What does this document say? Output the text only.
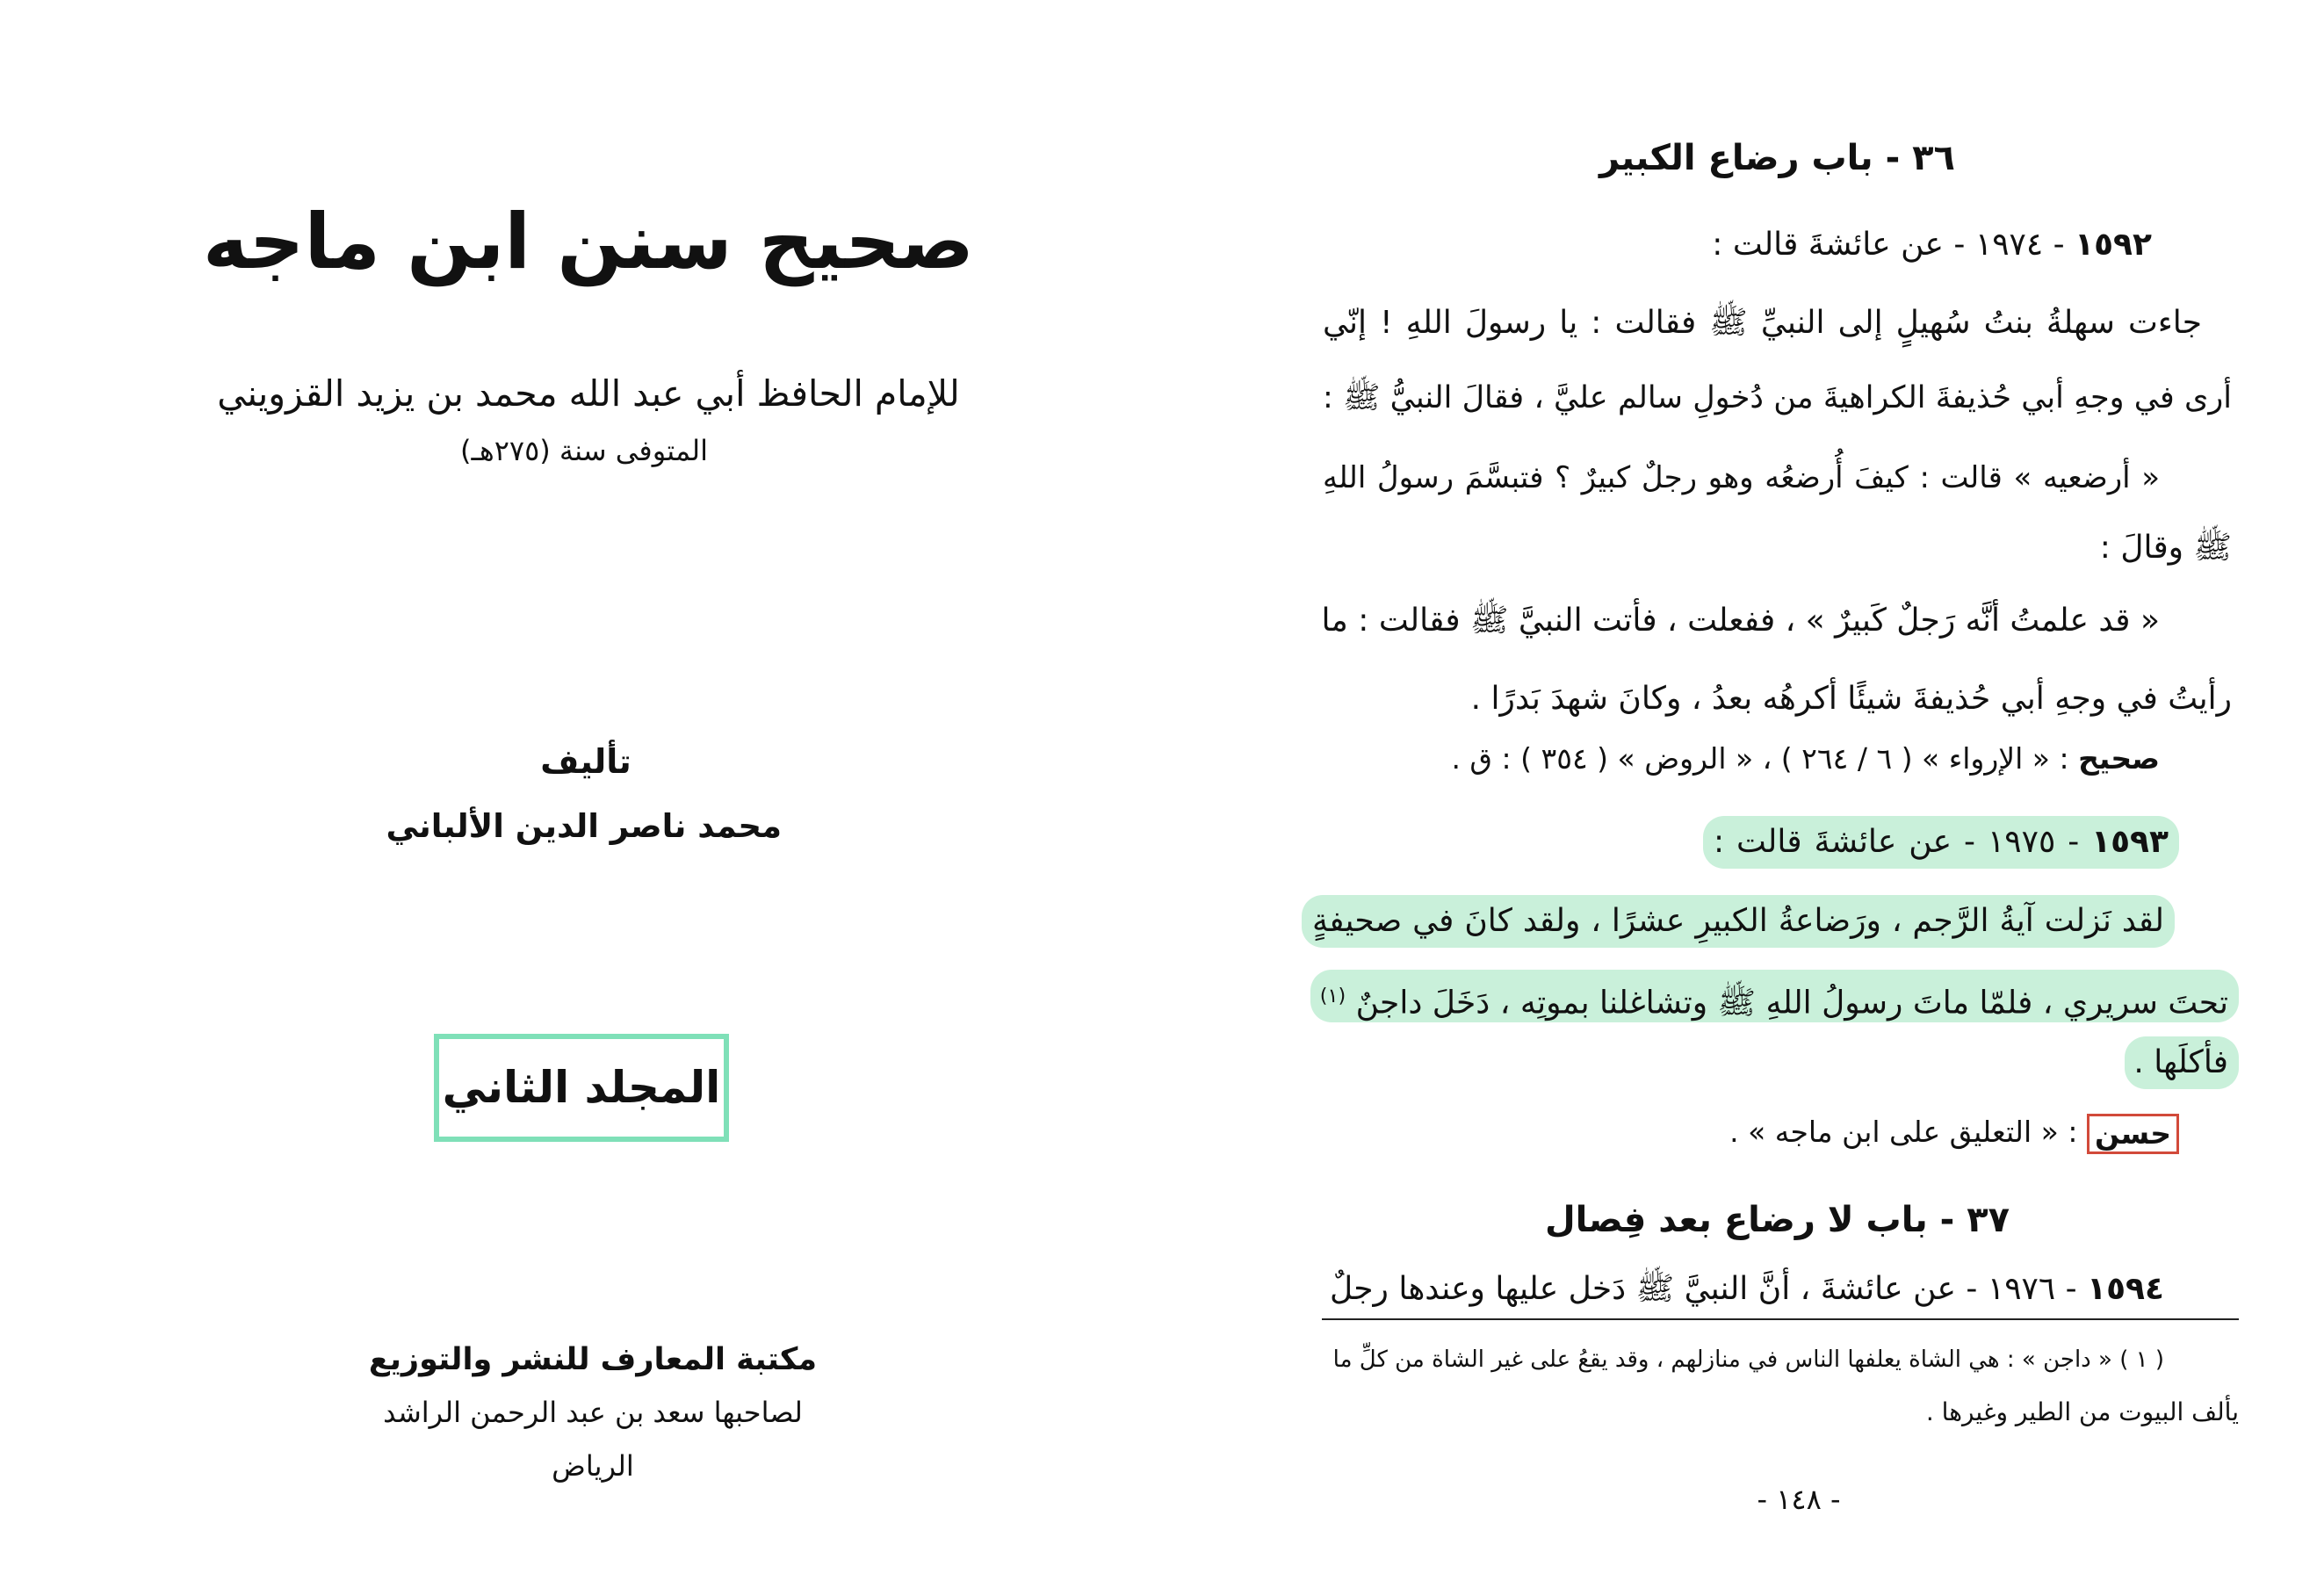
صحيح سنن ابن ماجه
للإمام الحافظ أبي عبد الله محمد بن يزيد القزويني
المتوفى سنة (٢٧٥هـ)
تأليف
محمد ناصر الدين الألباني
المجلد الثاني
مكتبة المعارف للنشر والتوزيع
لصاحبها سعد بن عبد الرحمن الراشد
الرياض
٣٦ - باب رضاع الكبير
١٥٩٢ - ١٩٧٤ - عن عائشةَ قالت :
جاءت سهلةُ بنتُ سُهيلٍ إلى النبيِّ ﷺ فقالت : يا رسولَ اللهِ ! إنّي
أرى في وجهِ أبي حُذيفةَ الكراهيةَ من دُخولِ سالم عليَّ ، فقالَ النبيُّ ﷺ :
« أرضعيه » قالت : كيفَ أُرضعُه وهو رجلٌ كبيرٌ ؟ فتبسَّمَ رسولُ اللهِ
ﷺ وقالَ :
« قد علمتُ أنَّه رَجلٌ كَبيرٌ » ، ففعلت ، فأتت النبيَّ ﷺ فقالت : ما
رأيتُ في وجهِ أبي حُذيفةَ شيئًا أكرهُه بعدُ ، وكانَ شهدَ بَدرًا .
صحيح : « الإرواء » ( ٦ / ٢٦٤ ) ، « الروض » ( ٣٥٤ ) : ق .
١٥٩٣ - ١٩٧٥ - عن عائشةَ قالت :
لقد نَزلت آيةُ الرَّجم ، ورَضاعةُ الكبيرِ عشرًا ، ولقد كانَ في صحيفةٍ
تحتَ سريري ، فلمّا ماتَ رسولُ اللهِ ﷺ وتشاغلنا بموتِه ، دَخَلَ داجنٌ $^{(١)}$
فأكلَها .
حسن : « التعليق على ابن ماجه » .
٣٧ - باب لا رضاع بعد فِصال
١٥٩٤ - ١٩٧٦ - عن عائشةَ ، أنَّ النبيَّ ﷺ دَخل عليها وعندها رجلٌ
( ١ ) « داجن » : هي الشاة يعلفها الناس في منازلهم ، وقد يقعُ على غير الشاة من كلِّ ما
يألف البيوت من الطير وغيرها .
- ١٤٨ -
